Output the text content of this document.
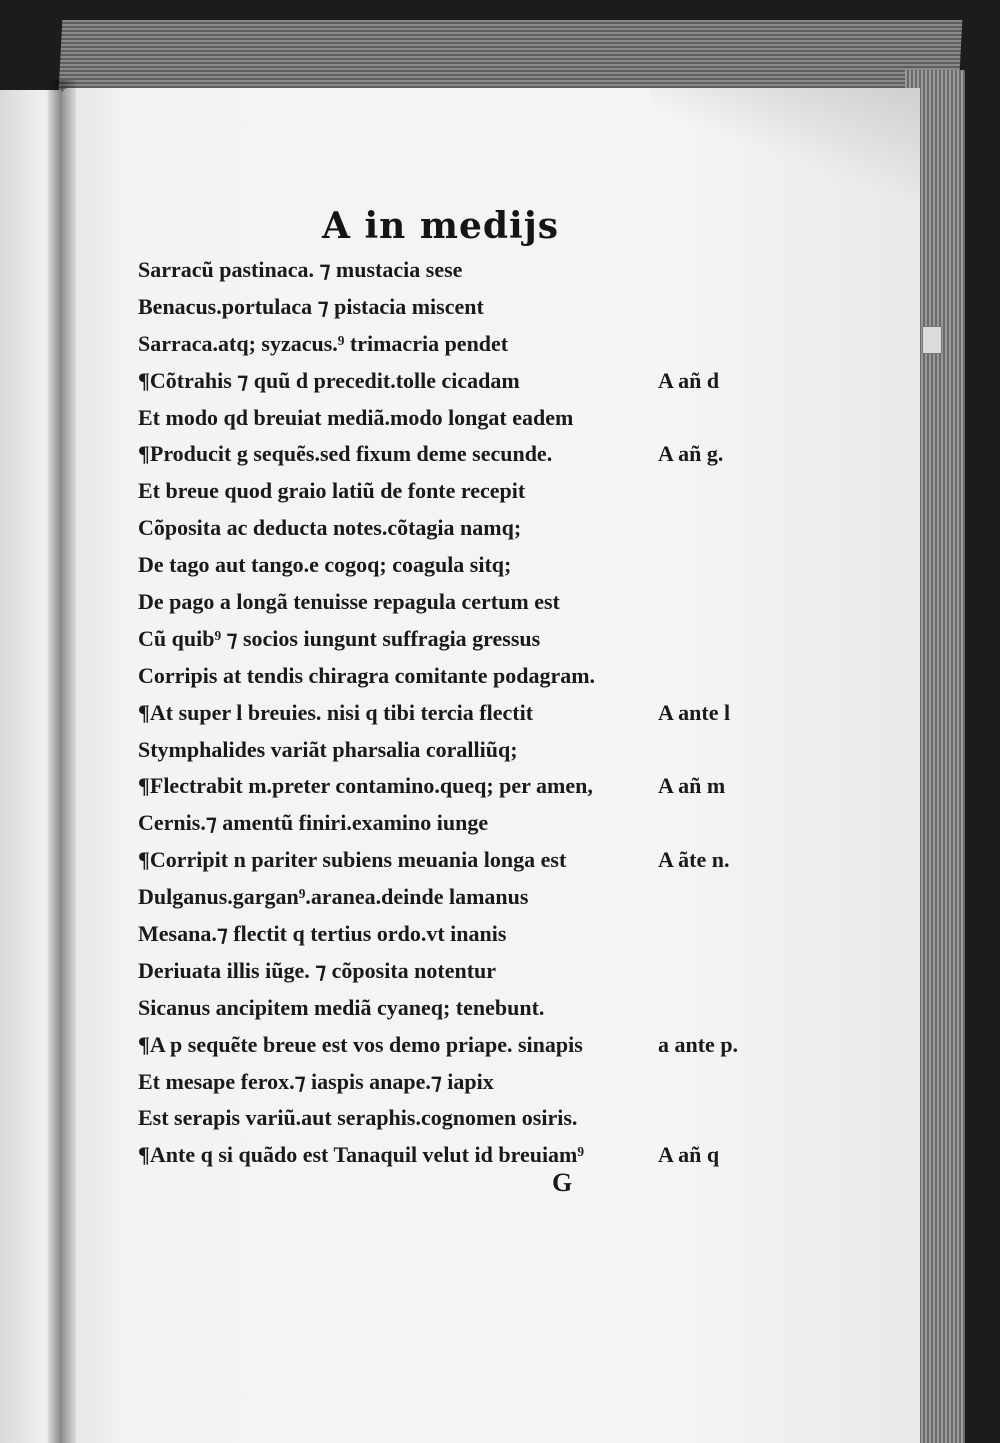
A in medijs
Sarracũ pastinaca. ⁊ mustacia sese
Benacus.portulaca ⁊ pistacia miscent
Sarraca.atq; syzacus.⁹ trimacria pendet
¶Cõtrahis ⁊ quũ d precedit.tolle cicadam	A añ d
Et modo qd breuiat mediã.modo longat eadem
¶Producit g sequẽs.sed fixum deme secunde.	A añ g.
Et breue quod graio latiũ de fonte recepit
Cõposita ac deducta notes.cõtagia namq;
De tago aut tango.e cogoq; coagula sitq;
De pago a longã tenuisse repagula certum est
Cũ quib⁹ ⁊ socios iungunt suffragia gressus
Corripis at tendis chiragra comitante podagram.
¶At super l breuies. nisi q tibi tercia flectit	A ante l
Stymphalides variãt pharsalia coralliũq;
¶Flectrabit m.preter contamino.queq; per amen,	A añ m
Cernis.⁊ amentũ finiri.examino iunge
¶Corripit n pariter subiens meuania longa est	A ãte n.
Dulganus.gargan⁹.aranea.deinde lamanus
Mesana.⁊ flectit q tertius ordo.vt inanis
Deriuata illis iũge. ⁊ cõposita notentur
Sicanus ancipitem mediã cyaneq; tenebunt.
¶A p sequẽte breue est vos demo priape. sinapis	a ante p.
Et mesape ferox.⁊ iaspis anape.⁊ iapix
Est serapis variũ.aut seraphis.cognomen osiris.
¶Ante q si quãdo est Tanaquil velut id breuiam⁹	A añ q
G
